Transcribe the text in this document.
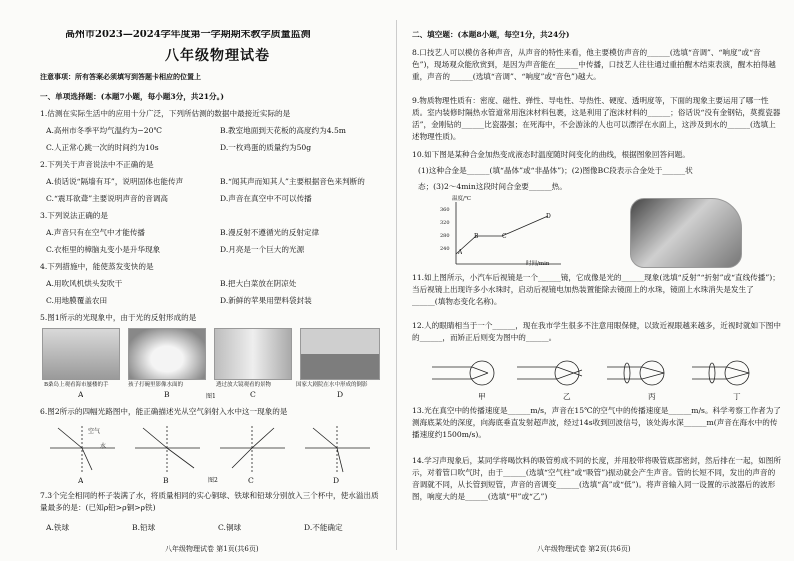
高州市2023—2024学年度第一学期期末教学质量监测
八年级物理试卷
注意事项：所有答案必须填写到答题卡相应的位置上
一、单项选择题：(本题7小题，每小题3分，共21分。)
1.估测在实际生活中的应用十分广泛，下列所估测的数据中最接近实际的是
A.高州市冬季平均气温约为−20℃	B.教室地面到天花板的高度约为4.5m
C.人正常心跳一次的时间约为10s	D.一枚鸡蛋的质量约为50g
2.下列关于声音说法中不正确的是
A.侦话说“隔墙有耳”，说明固体也能传声	B.“闻其声而知其人”主要根据音色来判断的
C.“震耳欲聋”主要说明声音的音调高	D.声音在真空中不可以传播
3.下列说法正确的是
A.声音只有在空气中才能传播	B.漫反射不遵循光的反射定律
C.衣柜里的樟脑丸变小是升华现象	D.月亮是一个巨大的光源
4.下列措施中，能使蒸发变快的是
A.用吹风机烘头发吹干	B.把大白菜放在阴凉处
C.用地膜覆盖农田	D.新鲜的苹果用塑料袋封装
5.图1所示的光现象中，由于光的反射形成的是
B桑岛上观看海市蜃楼的手	孩子打碗里影像水面的	透过放大镜观看的景物	国家大剧院在水中形成的倒影
A	B	C	D
图1
6.图2所示的四幅光路图中，能正确描述光从空气斜射入水中这一现象的是
空气
水
A	B	C	D
图2
7.3个完全相同的杯子装满了水，将质量相同的实心铜球、铁球和铅球分别放入三个杯中，使水溢出质量最多的是：(已知ρ铅>ρ铜>ρ铁)
A.铁球	B.铅球	C.铜球	D.不能确定
八年级物理试卷 第1页(共6页)
二、填空题：(本题8小题，每空1分，共24分)
8.口技艺人可以模仿各种声音，从声音的特性来看，他主要模仿声音的______(选填“音调”、“响度”或“音色”)，现场观众能欣赏到，是因为声音能在______中传播，口技艺人往往通过重拍醒木结束表演，醒木拍得越重，声音的______(选填“音调”、“响度”或“音色”)越大。
9.物质物理性质有：密度、磁性、弹性、导电性、导热性、硬度、透明度等，下面的现象主要运用了哪一性质。室内装修时隔热水管道常用泡沫材料包裹，这是利用了泡沫材料的______；俗话说“没有金钢钻，莫揽瓷器活”，金刚钻的______比瓷器强；在死海中，不会游泳的人也可以漂浮在水面上，这涉及到水的______(选填上述物理性质)。
10.如下图是某种合金加热变成液态时温度随时间变化的曲线，根据图象回答问题。
(1)这种合金是______(填“晶体”或“非晶体”)；(2)图像BC段表示合金处于______状
态；(3)2～4min这段时间合金要______热。
温度/℃
时间/min
360
320
280
240 A
B	C
D
11.如上图所示，小汽车后视镜是一个______镜，它成像是光的______现象(选填“反射”“折射”或“直线传播”)；当后视镜上出现许多小水珠时，启动后视镜电加热装置能除去镜面上的水珠，镜面上水珠消失是发生了______(填物态变化名称)。
12.人的眼睛相当于一个______，现在我市学生很多不注意用眼保健，以致近视眼越来越多，近视时就如下图中的______，而矫正后则变为图中的______。
甲	乙	丙	丁
13.光在真空中的传播速度是______m/s，声音在15℃的空气中的传播速度是______m/s。科学考察工作者为了测海底某处的深度，向海底垂直发射超声波，经过14s收到回波信号，该处海水深______m(声音在海水中的传播速度约1500m/s)。
14.学习声现象后，某同学将喝饮料的吸管剪成不同的长度，并用胶带将吸管底部密封，然后排在一起，如图所示，对着管口吹气时，由于______(选填“空气柱”或“吸管”)振动就会产生声音。管的长短不同，发出的声音的音调就不同，从长管到短管，声音的音调变______(选填“高”或“低”)。将声音输入同一设置的示波器后的波形图，响度大的是______(选填“甲”或“乙”)
八年级物理试卷 第2页(共6页)
